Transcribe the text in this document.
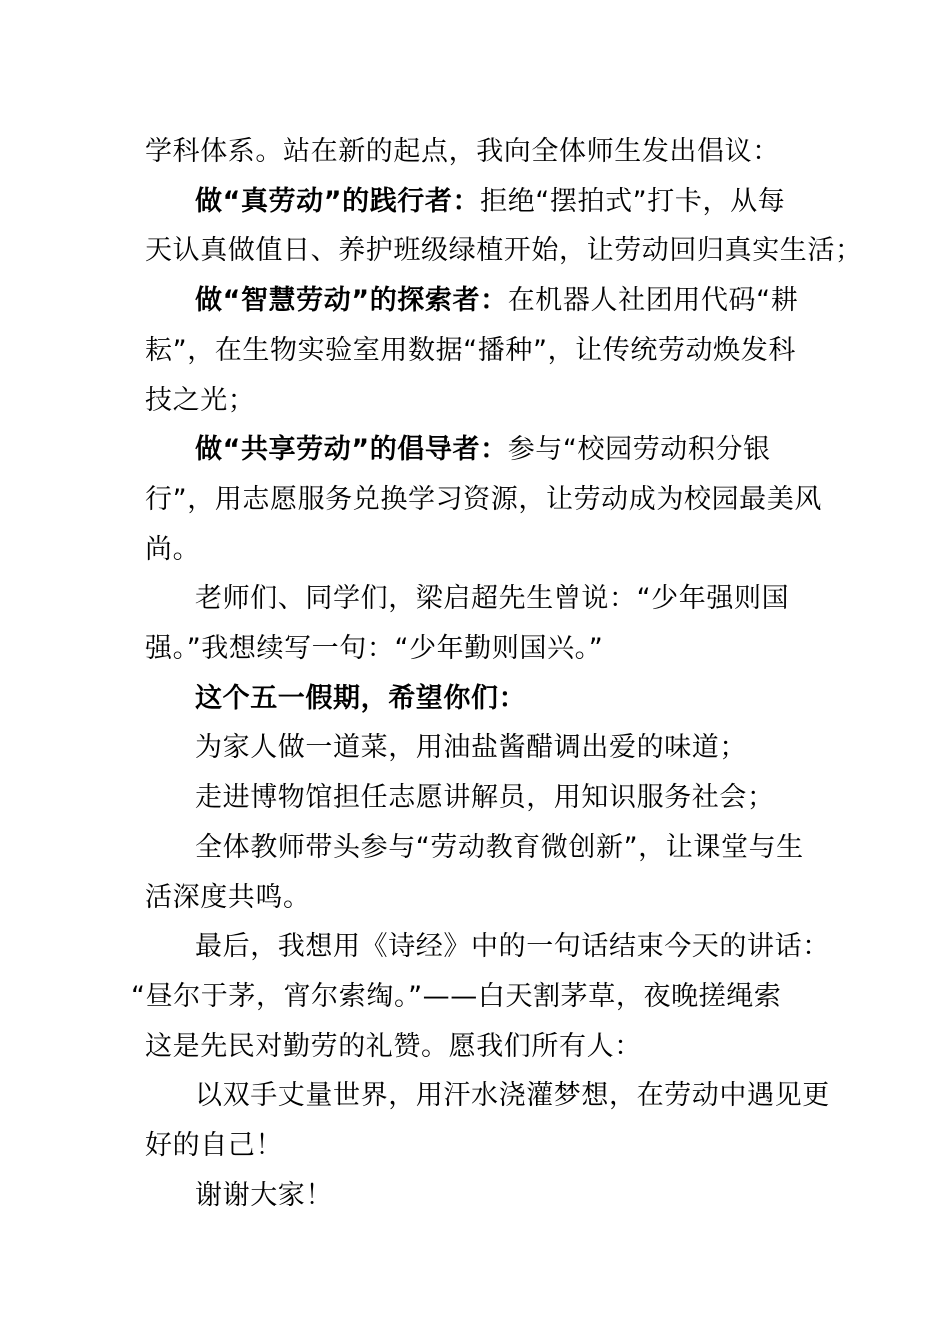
学科体系。站在新的起点，我向全体师生发出倡议：
做“真劳动”的践行者：拒绝“摆拍式”打卡，从每
天认真做值日、养护班级绿植开始，让劳动回归真实生活；
做“智慧劳动”的探索者：在机器人社团用代码“耕
耘”，在生物实验室用数据“播种”，让传统劳动焕发科
技之光；
做“共享劳动”的倡导者：参与“校园劳动积分银
行”，用志愿服务兑换学习资源，让劳动成为校园最美风
尚。
老师们、同学们，梁启超先生曾说：“少年强则国
强。”我想续写一句：“少年勤则国兴。”
这个五一假期，希望你们：
为家人做一道菜，用油盐酱醋调出爱的味道；
走进博物馆担任志愿讲解员，用知识服务社会；
全体教师带头参与“劳动教育微创新”，让课堂与生
活深度共鸣。
最后，我想用《诗经》中的一句话结束今天的讲话：
“昼尔于茅，宵尔索绹。”——白天割茅草，夜晚搓绳索
这是先民对勤劳的礼赞。愿我们所有人：
以双手丈量世界，用汗水浇灌梦想，在劳动中遇见更
好的自己！
谢谢大家！
